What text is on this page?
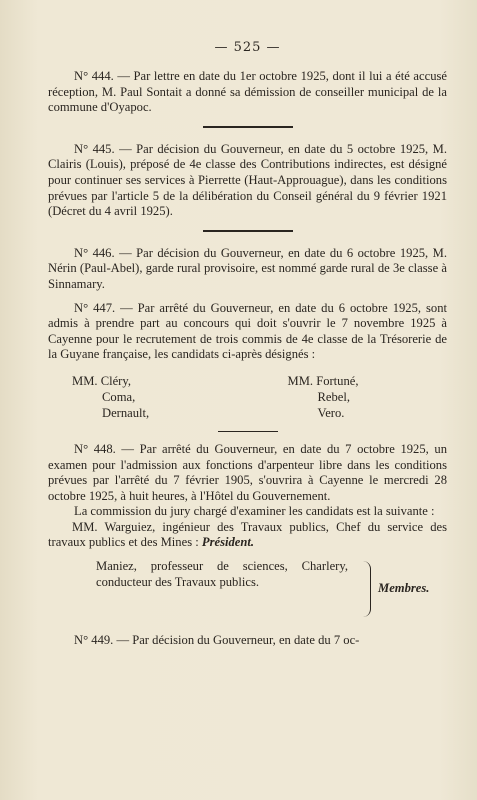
— 525 —

N° 444. — Par lettre en date du 1er octobre 1925, dont il lui a été accusé réception, M. Paul Sontait a donné sa démission de conseiller municipal de la commune d'Oyapoc.

N° 445. — Par décision du Gouverneur, en date du 5 octobre 1925, M. Clairis (Louis), préposé de 4e classe des Contributions indirectes, est désigné pour continuer ses services à Pierrette (Haut-Approuague), dans les conditions prévues par l'article 5 de la délibération du Conseil général du 9 février 1921 (Décret du 4 avril 1925).

N° 446. — Par décision du Gouverneur, en date du 6 octobre 1925, M. Nérin (Paul-Abel), garde rural provisoire, est nommé garde rural de 3e classe à Sinnamary.

N° 447. — Par arrêté du Gouverneur, en date du 6 octobre 1925, sont admis à prendre part au concours qui doit s'ouvrir le 7 novembre 1925 à Cayenne pour le recrutement de trois commis de 4e classe de la Trésorerie de la Guyane française, les candidats ci-après désignés :

MM. Cléry,
Coma,
Dernault,
MM. Fortuné,
Rebel,
Vero.

N° 448. — Par arrêté du Gouverneur, en date du 7 octobre 1925, un examen pour l'admission aux fonctions d'arpenteur libre dans les conditions prévues par l'arrêté du 7 février 1905, s'ouvrira à Cayenne le mercredi 28 octobre 1925, à huit heures, à l'Hôtel du Gouvernement.

La commission du jury chargé d'examiner les candidats est la suivante :

MM. Warguiez, ingénieur des Travaux publics, Chef du service des travaux publics et des Mines : Président.
Maniez, professeur de sciences, Charlery, conducteur des Travaux publics.	Membres.

N° 449. — Par décision du Gouverneur, en date du 7 oc-
